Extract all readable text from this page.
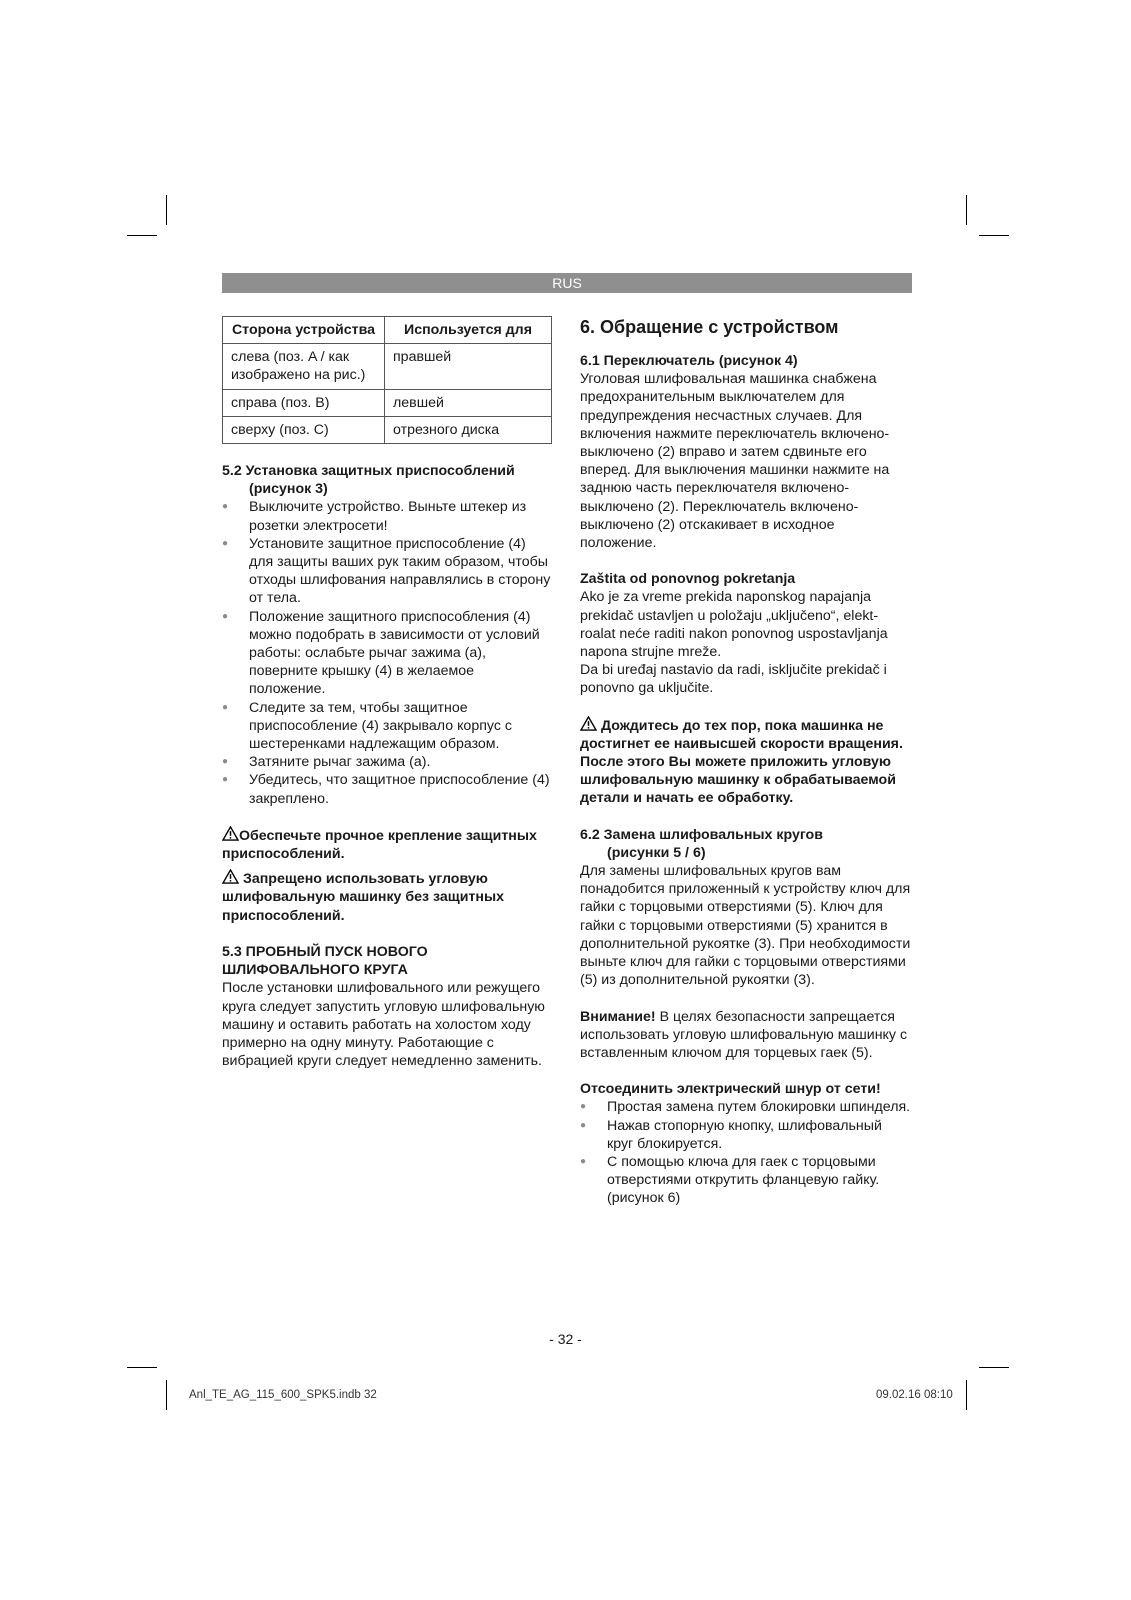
RUS
Сторона устройства	Используется для
слева (поз. A / как изображено на рис.)	правшей
справа (поз. B)	левшей
сверху (поз. C)	отрезного диска
5.2 Установка защитных приспособлений
(рисунок 3)
● Выключите устройство. Выньте штекер из розетки электросети!
● Установите защитное приспособление (4) для защиты ваших рук таким образом, чтобы отходы шлифования направлялись в сторону от тела.
● Положение защитного приспособления (4) можно подобрать в зависимости от условий работы: ослабьте рычаг зажима (a), поверните крышку (4) в желаемое положение.
● Следите за тем, чтобы защитное приспособление (4) закрывало корпус с шестеренками надлежащим образом.
● Затяните рычаг зажима (a).
● Убедитесь, что защитное приспособление (4) закреплено.

Обеспечьте прочное крепление защитных приспособлений.

Запрещено использовать угловую шлифовальную машинку без защитных приспособлений.

5.3 ПРОБНЫЙ ПУСК НОВОГО
ШЛИФОВАЛЬНОГО КРУГА

После установки шлифовального или режущего круга следует запустить угловую шлифовальную машину и оставить работать на холостом ходу примерно на одну минуту. Работающие с вибрацией круги следует немедленно заменить.

6. Обращение с устройством
6.1 Переключатель (рисунок 4)

Уголовая шлифовальная машинка снабжена предохранительным выключателем для предупреждения несчастных случаев. Для включения нажмите переключатель включено-выключено (2) вправо и затем сдвиньте его вперед. Для выключения машинки нажмите на заднюю часть переключателя включено-выключено (2). Переключатель включено-выключено (2) отскакивает в исходное положение.

Zaštita od ponovnog pokretanja

Ako je za vreme prekida naponskog napajanja prekidač ustavljen u položaju „uključeno“, elekt-roalat neće raditi nakon ponovnog uspostavljanja napona strujne mreže.

Da bi uređaj nastavio da radi, isključite prekidač i ponovno ga uključite.

Дождитесь до тех пор, пока машинка не

достигнет ее наивысшей скорости вращения. После этого Вы можете приложить угловую шлифовальную машинку к обрабатываемой детали и начать ее обработку.

6.2 Замена шлифовальных кругов
(рисунки 5 / 6)

Для замены шлифовальных кругов вам понадобится приложенный к устройству ключ для гайки с торцовыми отверстиями (5). Ключ для гайки с торцовыми отверстиями (5) хранится в дополнительной рукоятке (3). При необходимости выньте ключ для гайки с торцовыми отверстиями (5) из дополнительной рукоятки (3).

Внимание! В целях безопасности запрещается использовать угловую шлифовальную машинку с вставленным ключом для торцевых гаек (5).

Отсоединить электрический шнур от сети!
● Простая замена путем блокировки шпинделя.
● Нажав стопорную кнопку, шлифовальный круг блокируется.
● С помощью ключа для гаек с торцовыми отверстиями открутить фланцевую гайку. (рисунок 6)
- 32 -
Anl_TE_AG_115_600_SPK5.indb 32	09.02.16 08:10
